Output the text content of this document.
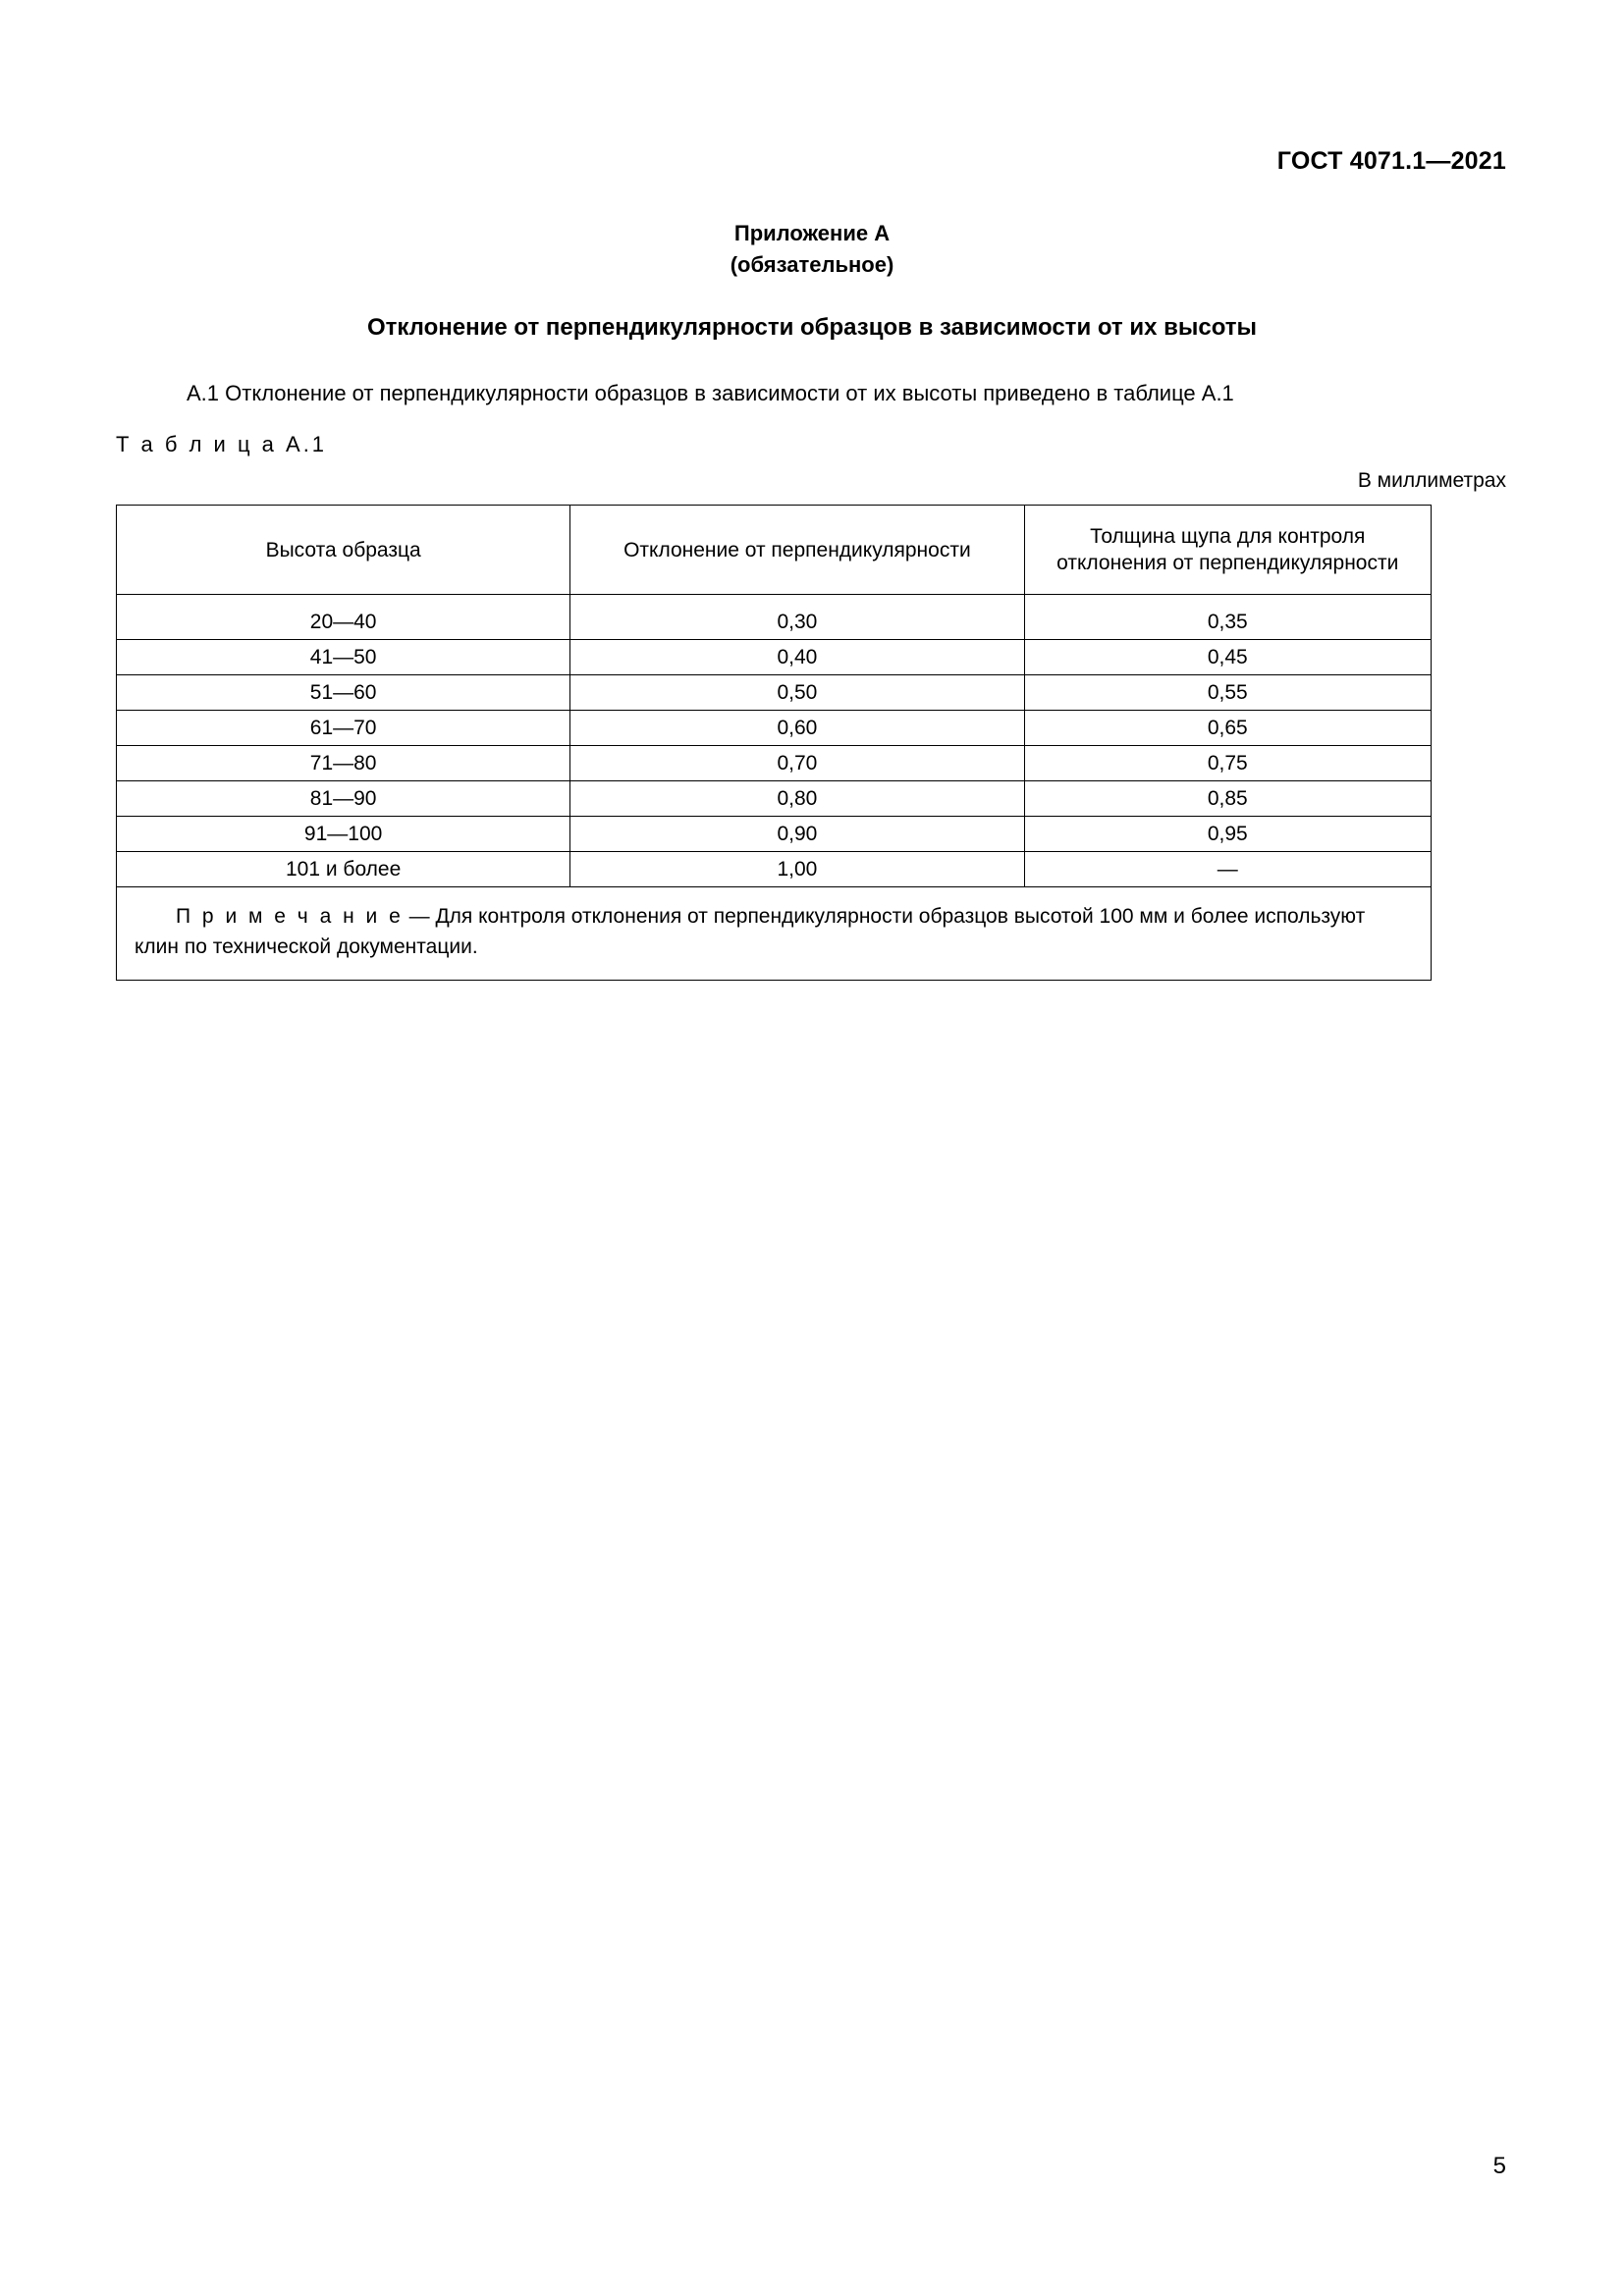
ГОСТ 4071.1—2021
Приложение А
(обязательное)
Отклонение от перпендикулярности образцов в зависимости от их высоты
А.1 Отклонение от перпендикулярности образцов в зависимости от их высоты приведено в таблице А.1
Т а б л и ц а А.1
В миллиметрах
Высота образца	Отклонение от перпендикулярности	Толщина щупа для контроля отклонения от перпендикулярности
20—40	0,30	0,35
41—50	0,40	0,45
51—60	0,50	0,55
61—70	0,60	0,65
71—80	0,70	0,75
81—90	0,80	0,85
91—100	0,90	0,95
101 и более	1,00	—
П р и м е ч а н и е — Для контроля отклонения от перпендикулярности образцов высотой 100 мм и более используют клин по технической документации.		
5
